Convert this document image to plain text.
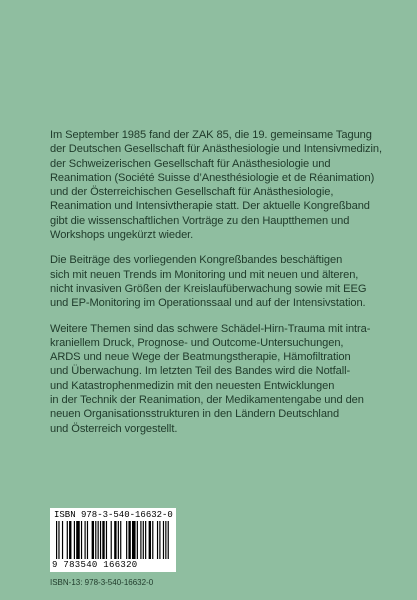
Im September 1985 fand der ZAK 85, die 19. gemeinsame Tagung
der Deutschen Gesellschaft für Anästhesiologie und Intensivmedizin,
der Schweizerischen Gesellschaft für Anästhesiologie und
Reanimation (Société Suisse d’Anesthésiologie et de Réanimation)
und der Österreichischen Gesellschaft für Anästhesiologie,
Reanimation und Intensivtherapie statt. Der aktuelle Kongreßband
gibt die wissenschaftlichen Vorträge zu den Hauptthemen und
Workshops ungekürzt wieder.

Die Beiträge des vorliegenden Kongreßbandes beschäftigen
sich mit neuen Trends im Monitoring und mit neuen und älteren,
nicht invasiven Größen der Kreislaufüberwachung sowie mit EEG
und EP-Monitoring im Operationssaal und auf der Intensivstation.

Weitere Themen sind das schwere Schädel-Hirn-Trauma mit intra-
kraniellem Druck, Prognose- und Outcome-Untersuchungen,
ARDS und neue Wege der Beatmungstherapie, Hämofiltration
und Überwachung. Im letzten Teil des Bandes wird die Notfall-
und Katastrophenmedizin mit den neuesten Entwicklungen
in der Technik der Reanimation, der Medikamentengabe und den
neuen Organisationsstrukturen in den Ländern Deutschland
und Österreich vorgestellt.

ISBN 978-3-540-16632-0
9 783540 166320
ISBN-13: 978-3-540-16632-0
